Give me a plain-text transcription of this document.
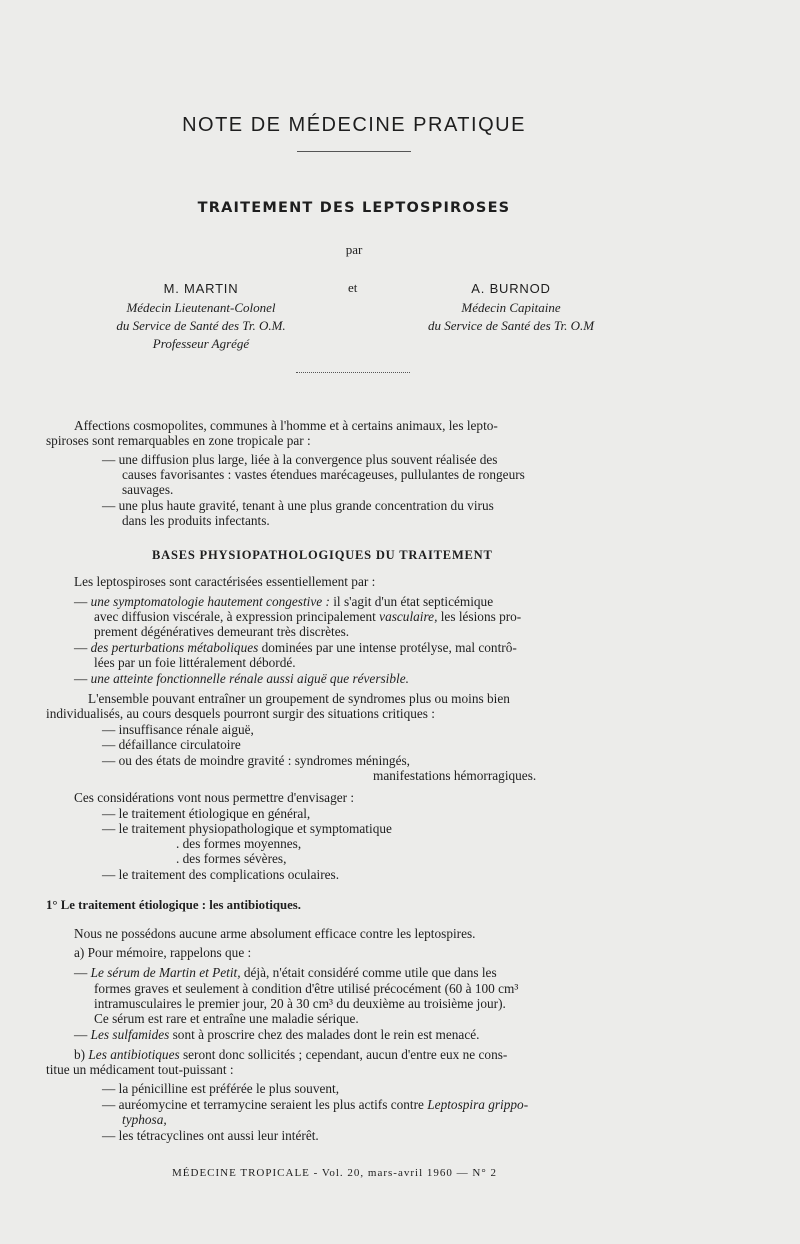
NOTE DE MÉDECINE PRATIQUE
TRAITEMENT DES LEPTOSPIROSES
par
M. MARTIN
Médecin Lieutenant-Colonel
du Service de Santé des Tr. O.M.
Professeur Agrégé
et	A. BURNOD
Médecin Capitaine
du Service de Santé des Tr. O.M
Affections cosmopolites, communes à l'homme et à certains animaux, les lepto-
spiroses sont remarquables en zone tropicale par :
— une diffusion plus large, liée à la convergence plus souvent réalisée des
causes favorisantes : vastes étendues marécageuses, pullulantes de rongeurs
sauvages.
— une plus haute gravité, tenant à une plus grande concentration du virus
dans les produits infectants.
BASES PHYSIOPATHOLOGIQUES DU TRAITEMENT
Les leptospiroses sont caractérisées essentiellement par :
— une symptomatologie hautement congestive : il s'agit d'un état septicémique
avec diffusion viscérale, à expression principalement vasculaire, les lésions pro-
prement dégénératives demeurant très discrètes.
— des perturbations métaboliques dominées par une intense protélyse, mal contrô-
lées par un foie littéralement débordé.
— une atteinte fonctionnelle rénale aussi aiguë que réversible.
L'ensemble pouvant entraîner un groupement de syndromes plus ou moins bien
individualisés, au cours desquels pourront surgir des situations critiques :
— insuffisance rénale aiguë,
— défaillance circulatoire
— ou des états de moindre gravité : syndromes méningés,
manifestations hémorragiques.
Ces considérations vont nous permettre d'envisager :
— le traitement étiologique en général,
— le traitement physiopathologique et symptomatique
. des formes moyennes,
. des formes sévères,
— le traitement des complications oculaires.
1° Le traitement étiologique : les antibiotiques.
Nous ne possédons aucune arme absolument efficace contre les leptospires.
a) Pour mémoire, rappelons que :
— Le sérum de Martin et Petit, déjà, n'était considéré comme utile que dans les
formes graves et seulement à condition d'être utilisé précocément (60 à 100 cm³
intramusculaires le premier jour, 20 à 30 cm³ du deuxième au troisième jour).
Ce sérum est rare et entraîne une maladie sérique.
— Les sulfamides sont à proscrire chez des malades dont le rein est menacé.
b) Les antibiotiques seront donc sollicités ; cependant, aucun d'entre eux ne cons-
titue un médicament tout-puissant :
— la pénicilline est préférée le plus souvent,
— auréomycine et terramycine seraient les plus actifs contre Leptospira grippo-
typhosa,
— les tétracyclines ont aussi leur intérêt.
MÉDECINE TROPICALE - Vol. 20, mars-avril 1960 — N° 2
